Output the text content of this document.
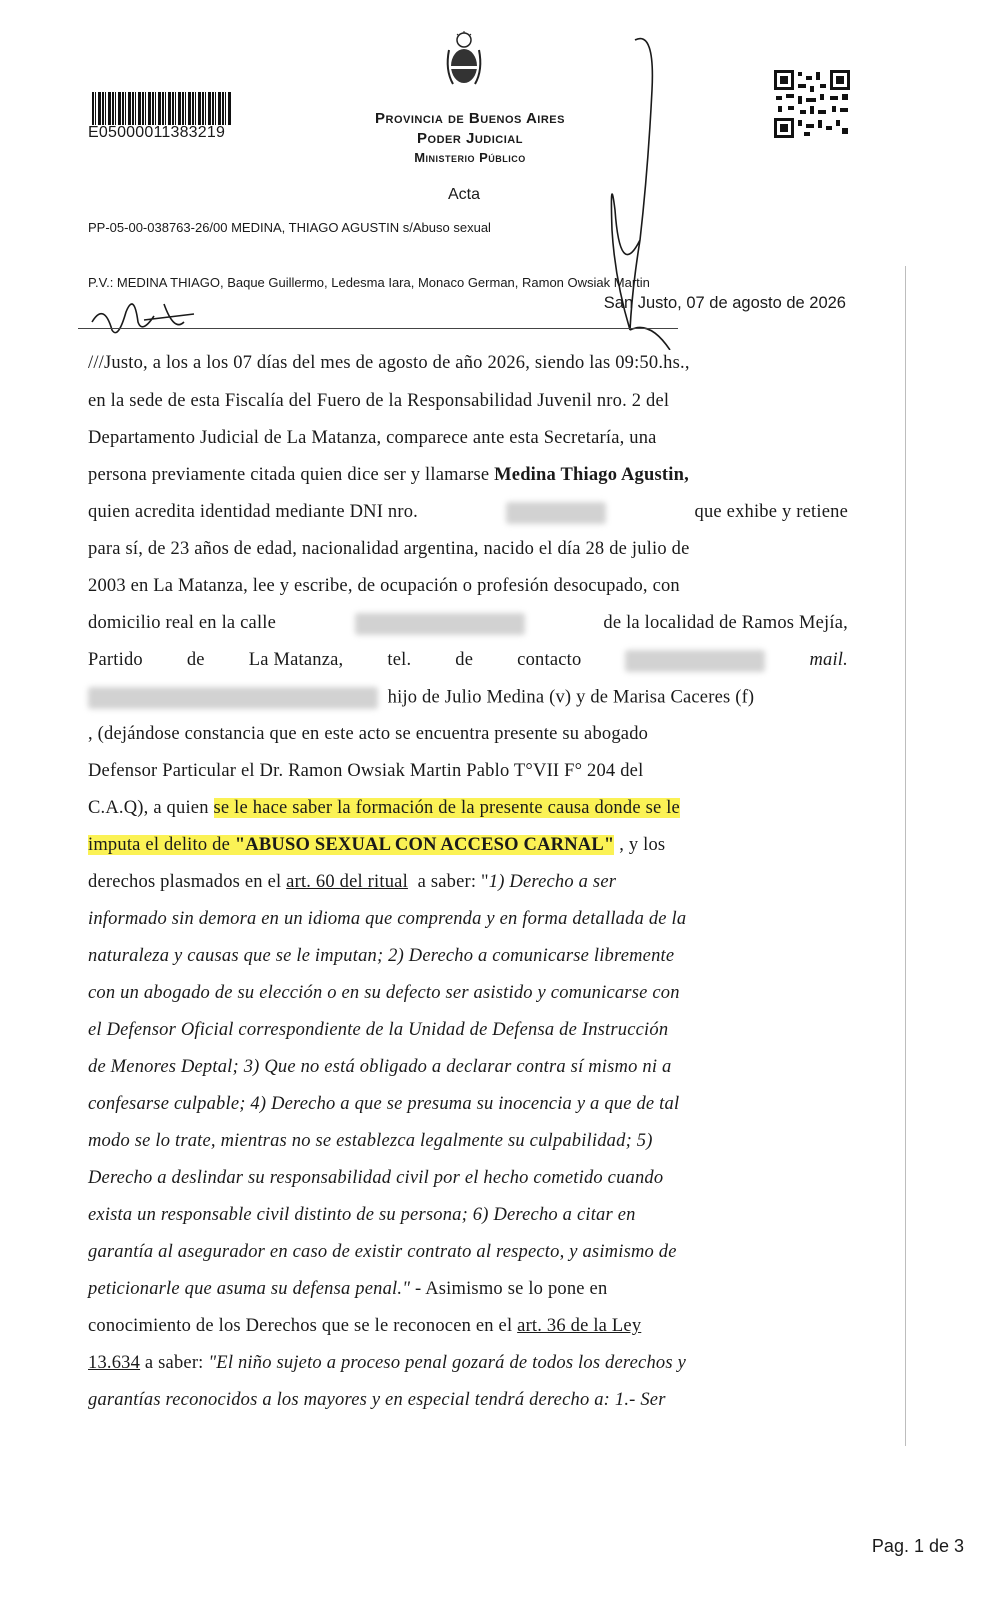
E05000011383219
Provincia de Buenos Aires
Poder Judicial
Ministerio Público
Acta
PP-05-00-038763-26/00 MEDINA, THIAGO AGUSTIN s/Abuso sexual
P.V.: MEDINA THIAGO, Baque Guillermo, Ledesma Iara, Monaco German, Ramon Owsiak Martin
San Justo, 07 de agosto de 2026
///Justo, a los a los 07 días del mes de agosto de año 2026, siendo las 09:50.hs.,
en la sede de esta Fiscalía del Fuero de la Responsabilidad Juvenil nro. 2 del
Departamento Judicial de La Matanza, comparece ante esta Secretaría, una
persona previamente citada quien dice ser y llamarse Medina Thiago Agustin,
quien acredita identidad mediante DNI nro.	que exhibe y retiene
para sí, de 23 años de edad, nacionalidad argentina, nacido el día 28 de julio de
2003 en La Matanza, lee y escribe, de ocupación o profesión desocupado, con
domicilio real en la calle	de la localidad de Ramos Mejía,
Partido de La Matanza, tel. de contacto	mail.
hijo de Julio Medina (v) y de Marisa Caceres (f)
, (dejándose constancia que en este acto se encuentra presente su abogado
Defensor Particular el Dr. Ramon Owsiak Martin Pablo T°VII F° 204 del
C.A.Q), a quien se le hace saber la formación de la presente causa donde se le
imputa el delito de "ABUSO SEXUAL CON ACCESO CARNAL" , y los
derechos plasmados en el art. 60 del ritual a saber: "1) Derecho a ser
informado sin demora en un idioma que comprenda y en forma detallada de la
naturaleza y causas que se le imputan; 2) Derecho a comunicarse libremente
con un abogado de su elección o en su defecto ser asistido y comunicarse con
el Defensor Oficial correspondiente de la Unidad de Defensa de Instrucción
de Menores Deptal; 3) Que no está obligado a declarar contra sí mismo ni a
confesarse culpable; 4) Derecho a que se presuma su inocencia y a que de tal
modo se lo trate, mientras no se establezca legalmente su culpabilidad; 5)
Derecho a deslindar su responsabilidad civil por el hecho cometido cuando
exista un responsable civil distinto de su persona; 6) Derecho a citar en
garantía al asegurador en caso de existir contrato al respecto, y asimismo de
peticionarle que asuma su defensa penal." - Asimismo se lo pone en
conocimiento de los Derechos que se le reconocen en el art. 36 de la Ley
13.634 a saber: "El niño sujeto a proceso penal gozará de todos los derechos y
garantías reconocidos a los mayores y en especial tendrá derecho a: 1.- Ser
Pag. 1 de 3
